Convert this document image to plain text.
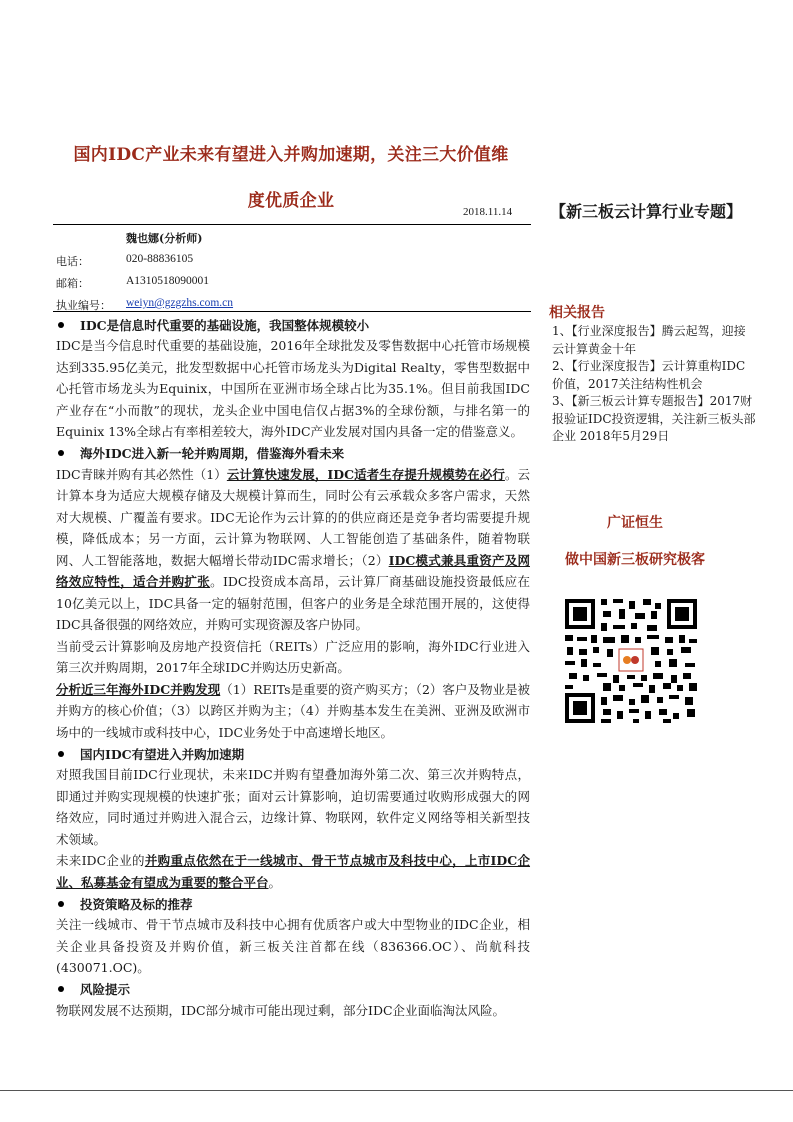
国内IDC产业未来有望进入并购加速期，关注三大价值维
度优质企业
2018.11.14 【新三板云计算行业专题】
魏也娜(分析师)
电话：	020-88836105
邮箱：	A1310518090001
执业编号：	weiyn@gzgzhs.com.cn
IDC是信息时代重要的基础设施，我国整体规模较小

IDC是当今信息时代重要的基础设施，2016年全球批发及零售数据中心托管市场规模达到335.95亿美元，批发型数据中心托管市场龙头为Digital Realty，零售型数据中心托管市场龙头为Equinix，中国所在亚洲市场全球占比为35.1%。但目前我国IDC产业存在“小而散”的现状，龙头企业中国电信仅占据3%的全球份额，与排名第一的Equinix 13%全球占有率相差较大，海外IDC产业发展对国内具备一定的借鉴意义。

海外IDC进入新一轮并购周期，借鉴海外看未来

IDC青睐并购有其必然性（1）云计算快速发展，IDC适者生存提升规模势在必行。云计算本身为适应大规模存储及大规模计算而生，同时公有云承载众多客户需求，天然对大规模、广覆盖有要求。IDC无论作为云计算的的供应商还是竞争者均需要提升规模，降低成本；另一方面，云计算为物联网、人工智能创造了基础条件，随着物联网、人工智能落地，数据大幅增长带动IDC需求增长；（2）IDC模式兼具重资产及网络效应特性，适合并购扩张。IDC投资成本高昂，云计算厂商基础设施投资最低应在10亿美元以上，IDC具备一定的辐射范围，但客户的业务是全球范围开展的，这使得IDC具备很强的网络效应，并购可实现资源及客户协同。

当前受云计算影响及房地产投资信托（REITs）广泛应用的影响，海外IDC行业进入第三次并购周期，2017年全球IDC并购达历史新高。

分析近三年海外IDC并购发现（1）REITs是重要的资产购买方；（2）客户及物业是被并购方的核心价值；（3）以跨区并购为主；（4）并购基本发生在美洲、亚洲及欧洲市场中的一线城市或科技中心，IDC业务处于中高速增长地区。

国内IDC有望进入并购加速期

对照我国目前IDC行业现状，未来IDC并购有望叠加海外第二次、第三次并购特点，即通过并购实现规模的快速扩张；面对云计算影响，迫切需要通过收购形成强大的网络效应，同时通过并购进入混合云，边缘计算、物联网，软件定义网络等相关新型技术领域。

未来IDC企业的并购重点依然在于一线城市、骨干节点城市及科技中心，上市IDC企业、私募基金有望成为重要的整合平台。

投资策略及标的推荐

关注一线城市、骨干节点城市及科技中心拥有优质客户或大中型物业的IDC企业，相关企业具备投资及并购价值，新三板关注首都在线（836366.OC）、尚航科技(430071.OC)。

风险提示

物联网发展不达预期，IDC部分城市可能出现过剩，部分IDC企业面临淘汰风险。

相关报告
1、【行业深度报告】腾云起驾，迎接云计算黄金十年
2、【行业深度报告】云计算重构IDC价值，2017关注结构性机会
3、【新三板云计算专题报告】2017财报验证IDC投资逻辑，关注新三板头部企业 2018年5月29日
广证恒生
做中国新三板研究极客
